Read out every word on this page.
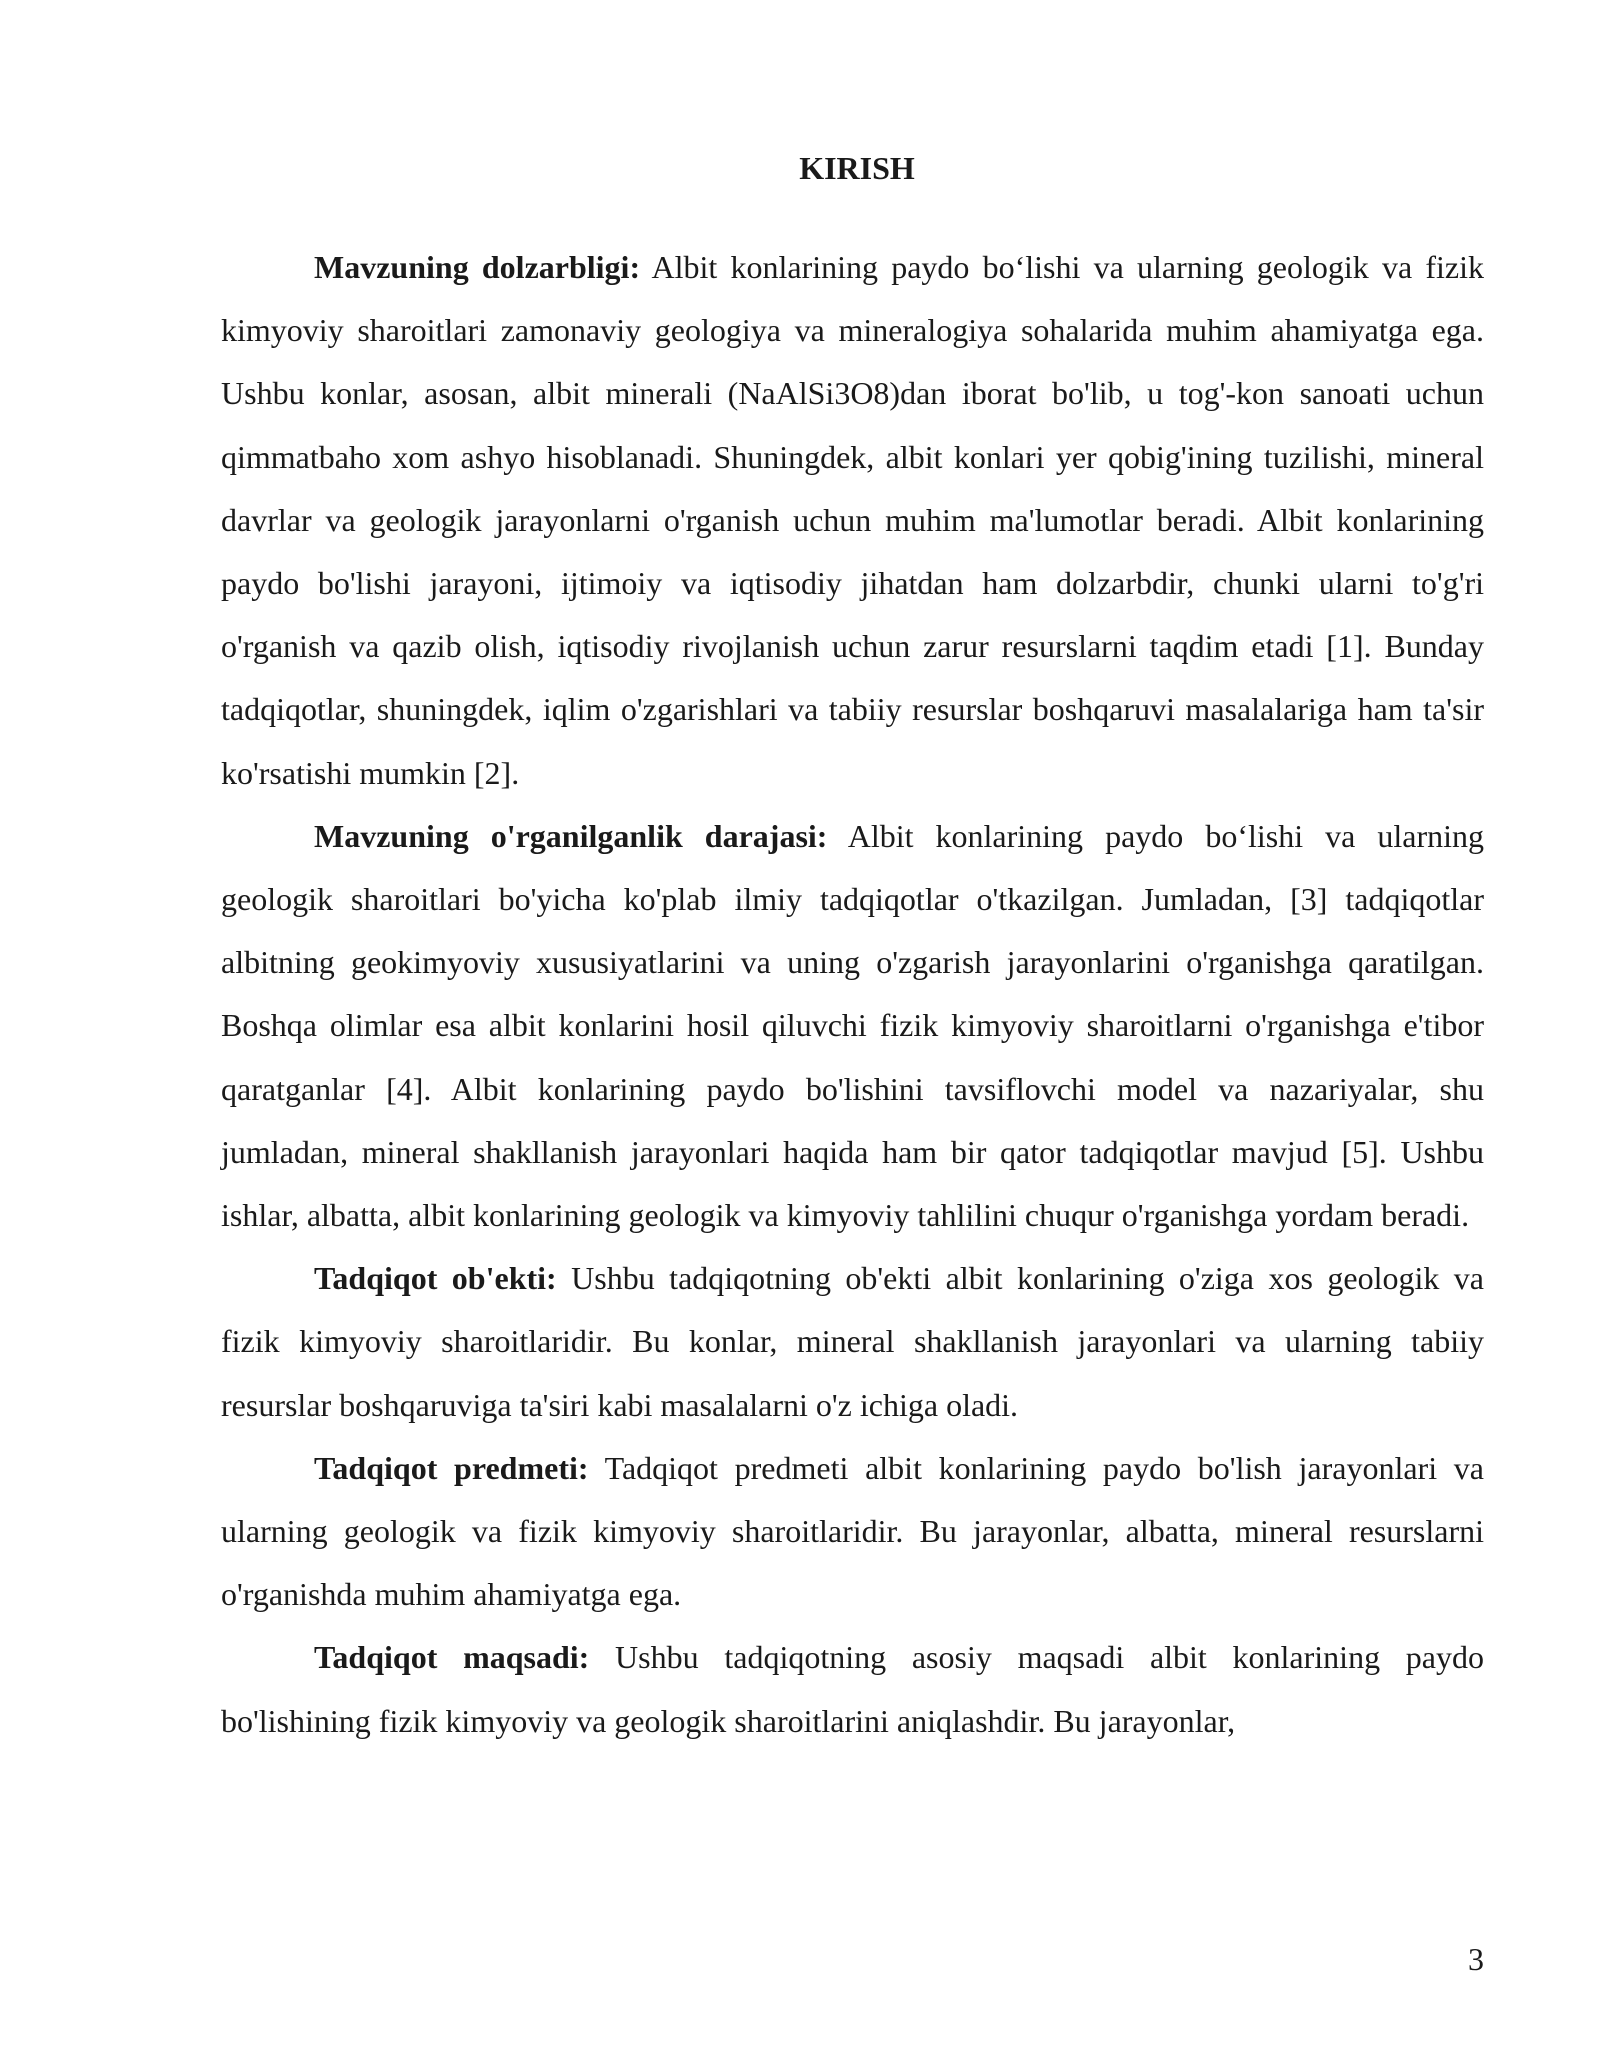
KIRISH

Mavzuning dolzarbligi: Albit konlarining paydo bo‘lishi va ularning geologik va fizik kimyoviy sharoitlari zamonaviy geologiya va mineralogiya sohalarida muhim ahamiyatga ega. Ushbu konlar, asosan, albit minerali (NaAlSi3O8)dan iborat bo'lib, u tog'-kon sanoati uchun qimmatbaho xom ashyo hisoblanadi. Shuningdek, albit konlari yer qobig'ining tuzilishi, mineral davrlar va geologik jarayonlarni o'rganish uchun muhim ma'lumotlar beradi. Albit konlarining paydo bo'lishi jarayoni, ijtimoiy va iqtisodiy jihatdan ham dolzarbdir, chunki ularni to'g'ri o'rganish va qazib olish, iqtisodiy rivojlanish uchun zarur resurslarni taqdim etadi [1]. Bunday tadqiqotlar, shuningdek, iqlim o'zgarishlari va tabiiy resurslar boshqaruvi masalalariga ham ta'sir ko'rsatishi mumkin [2].

Mavzuning o'rganilganlik darajasi: Albit konlarining paydo bo‘lishi va ularning geologik sharoitlari bo'yicha ko'plab ilmiy tadqiqotlar o'tkazilgan. Jumladan, [3] tadqiqotlar albitning geokimyoviy xususiyatlarini va uning o'zgarish jarayonlarini o'rganishga qaratilgan. Boshqa olimlar esa albit konlarini hosil qiluvchi fizik kimyoviy sharoitlarni o'rganishga e'tibor qaratganlar [4]. Albit konlarining paydo bo'lishini tavsiflovchi model va nazariyalar, shu jumladan, mineral shakllanish jarayonlari haqida ham bir qator tadqiqotlar mavjud [5]. Ushbu ishlar, albatta, albit konlarining geologik va kimyoviy tahlilini chuqur o'rganishga yordam beradi.

Tadqiqot ob'ekti: Ushbu tadqiqotning ob'ekti albit konlarining o'ziga xos geologik va fizik kimyoviy sharoitlaridir. Bu konlar, mineral shakllanish jarayonlari va ularning tabiiy resurslar boshqaruviga ta'siri kabi masalalarni o'z ichiga oladi.

Tadqiqot predmeti: Tadqiqot predmeti albit konlarining paydo bo'lish jarayonlari va ularning geologik va fizik kimyoviy sharoitlaridir. Bu jarayonlar, albatta, mineral resurslarni o'rganishda muhim ahamiyatga ega.

Tadqiqot maqsadi: Ushbu tadqiqotning asosiy maqsadi albit konlarining paydo bo'lishining fizik kimyoviy va geologik sharoitlarini aniqlashdir. Bu jarayonlar,

3
